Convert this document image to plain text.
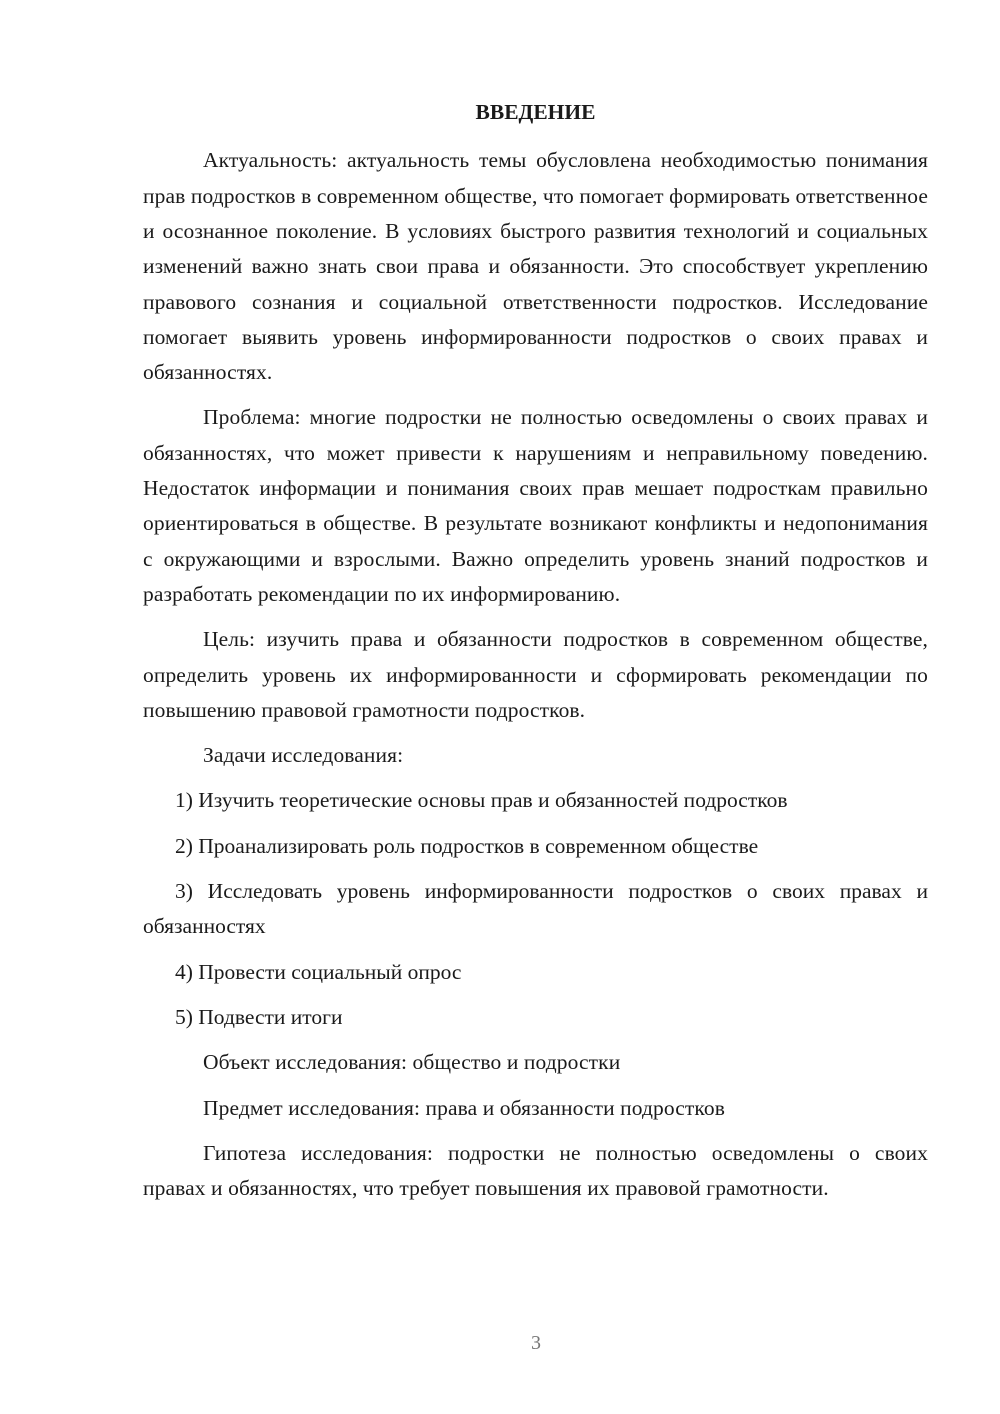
ВВЕДЕНИЕ

Актуальность: актуальность темы обусловлена необходимостью понимания прав подростков в современном обществе, что помогает формировать ответственное и осознанное поколение. В условиях быстрого развития технологий и социальных изменений важно знать свои права и обязанности. Это способствует укреплению правового сознания и социальной ответственности подростков. Исследование помогает выявить уровень информированности подростков о своих правах и обязанностях.

Проблема: многие подростки не полностью осведомлены о своих правах и обязанностях, что может привести к нарушениям и неправильному поведению. Недостаток информации и понимания своих прав мешает подросткам правильно ориентироваться в обществе. В результате возникают конфликты и недопонимания с окружающими и взрослыми. Важно определить уровень знаний подростков и разработать рекомендации по их информированию.

Цель: изучить права и обязанности подростков в современном обществе, определить уровень их информированности и сформировать рекомендации по повышению правовой грамотности подростков.

Задачи исследования:

1) Изучить теоретические основы прав и обязанностей подростков

2) Проанализировать роль подростков в современном обществе

3) Исследовать уровень информированности подростков о своих правах и обязанностях

4) Провести социальный опрос

5) Подвести итоги

Объект исследования: общество и подростки

Предмет исследования: права и обязанности подростков

Гипотеза исследования: подростки не полностью осведомлены о своих правах и обязанностях, что требует повышения их правовой грамотности.

3
